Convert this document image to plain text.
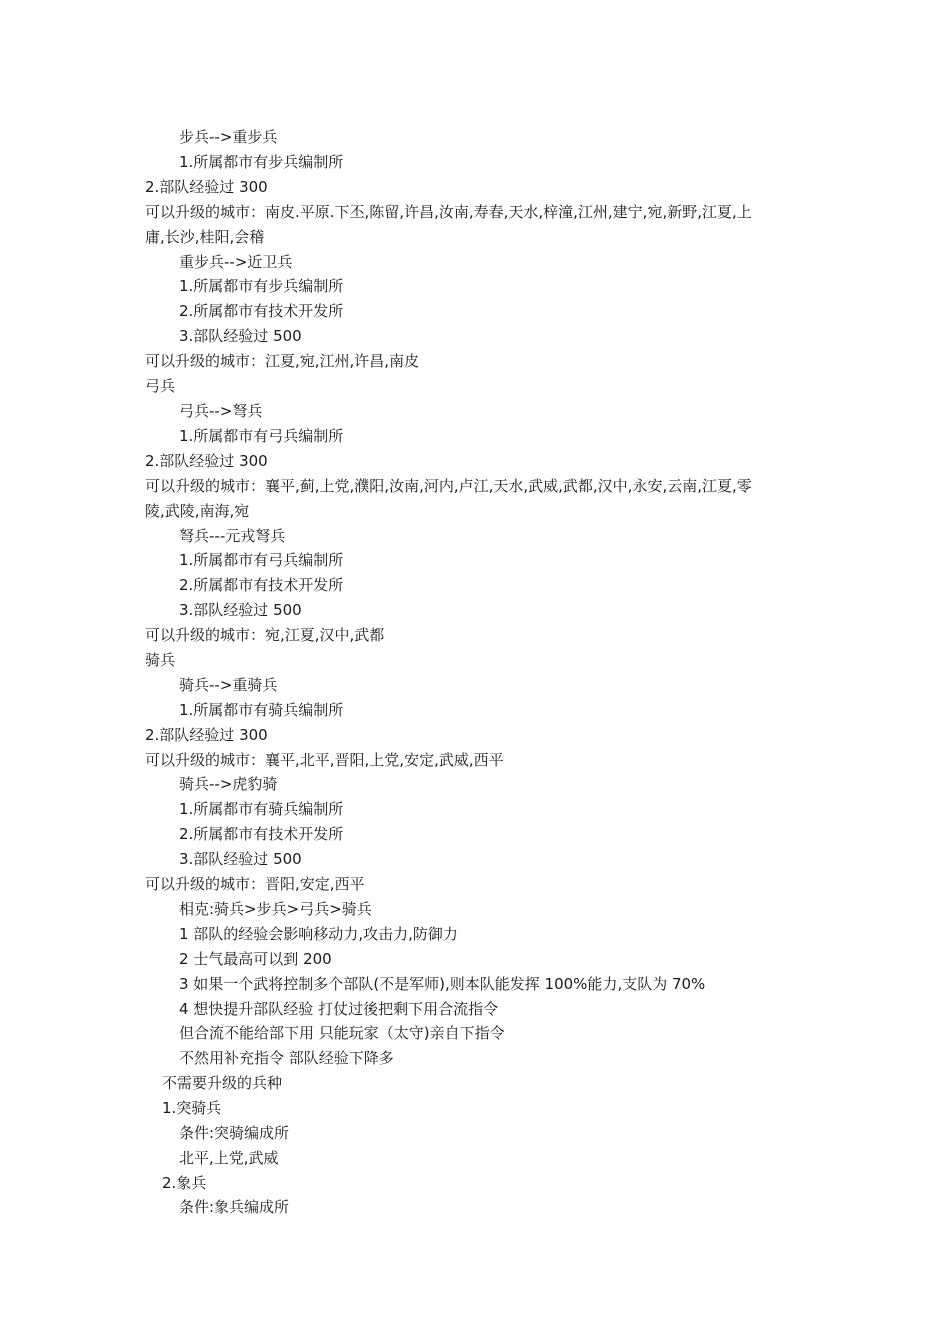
步兵-->重步兵
1.所属都市有步兵编制所
2.部队经验过 300
可以升级的城市：南皮.平原.下丕,陈留,许昌,汝南,寿春,天水,梓潼,江州,建宁,宛,新野,江夏,上
庸,长沙,桂阳,会稽
重步兵-->近卫兵
1.所属都市有步兵编制所
2.所属都市有技术开发所
3.部队经验过 500
可以升级的城市：江夏,宛,江州,许昌,南皮
弓兵
弓兵-->弩兵
1.所属都市有弓兵编制所
2.部队经验过 300
可以升级的城市：襄平,蓟,上党,濮阳,汝南,河内,卢江,天水,武威,武都,汉中,永安,云南,江夏,零
陵,武陵,南海,宛
弩兵---元戎弩兵
1.所属都市有弓兵编制所
2.所属都市有技术开发所
3.部队经验过 500
可以升级的城市：宛,江夏,汉中,武都
骑兵
骑兵-->重骑兵
1.所属都市有骑兵编制所
2.部队经验过 300
可以升级的城市：襄平,北平,晋阳,上党,安定,武威,西平
骑兵-->虎豹骑
1.所属都市有骑兵编制所
2.所属都市有技术开发所
3.部队经验过 500
可以升级的城市：晋阳,安定,西平
相克:骑兵>步兵>弓兵>骑兵
1 部队的经验会影响移动力,攻击力,防御力
2 士气最高可以到 200
3 如果一个武将控制多个部队(不是军师),则本队能发挥 100%能力,支队为 70%
4 想快提升部队经验 打仗过後把剩下用合流指令
但合流不能给部下用 只能玩家（太守)亲自下指令
不然用补充指令 部队经验下降多
不需要升级的兵种
1.突骑兵
条件:突骑编成所
北平,上党,武威
2.象兵
条件:象兵编成所
